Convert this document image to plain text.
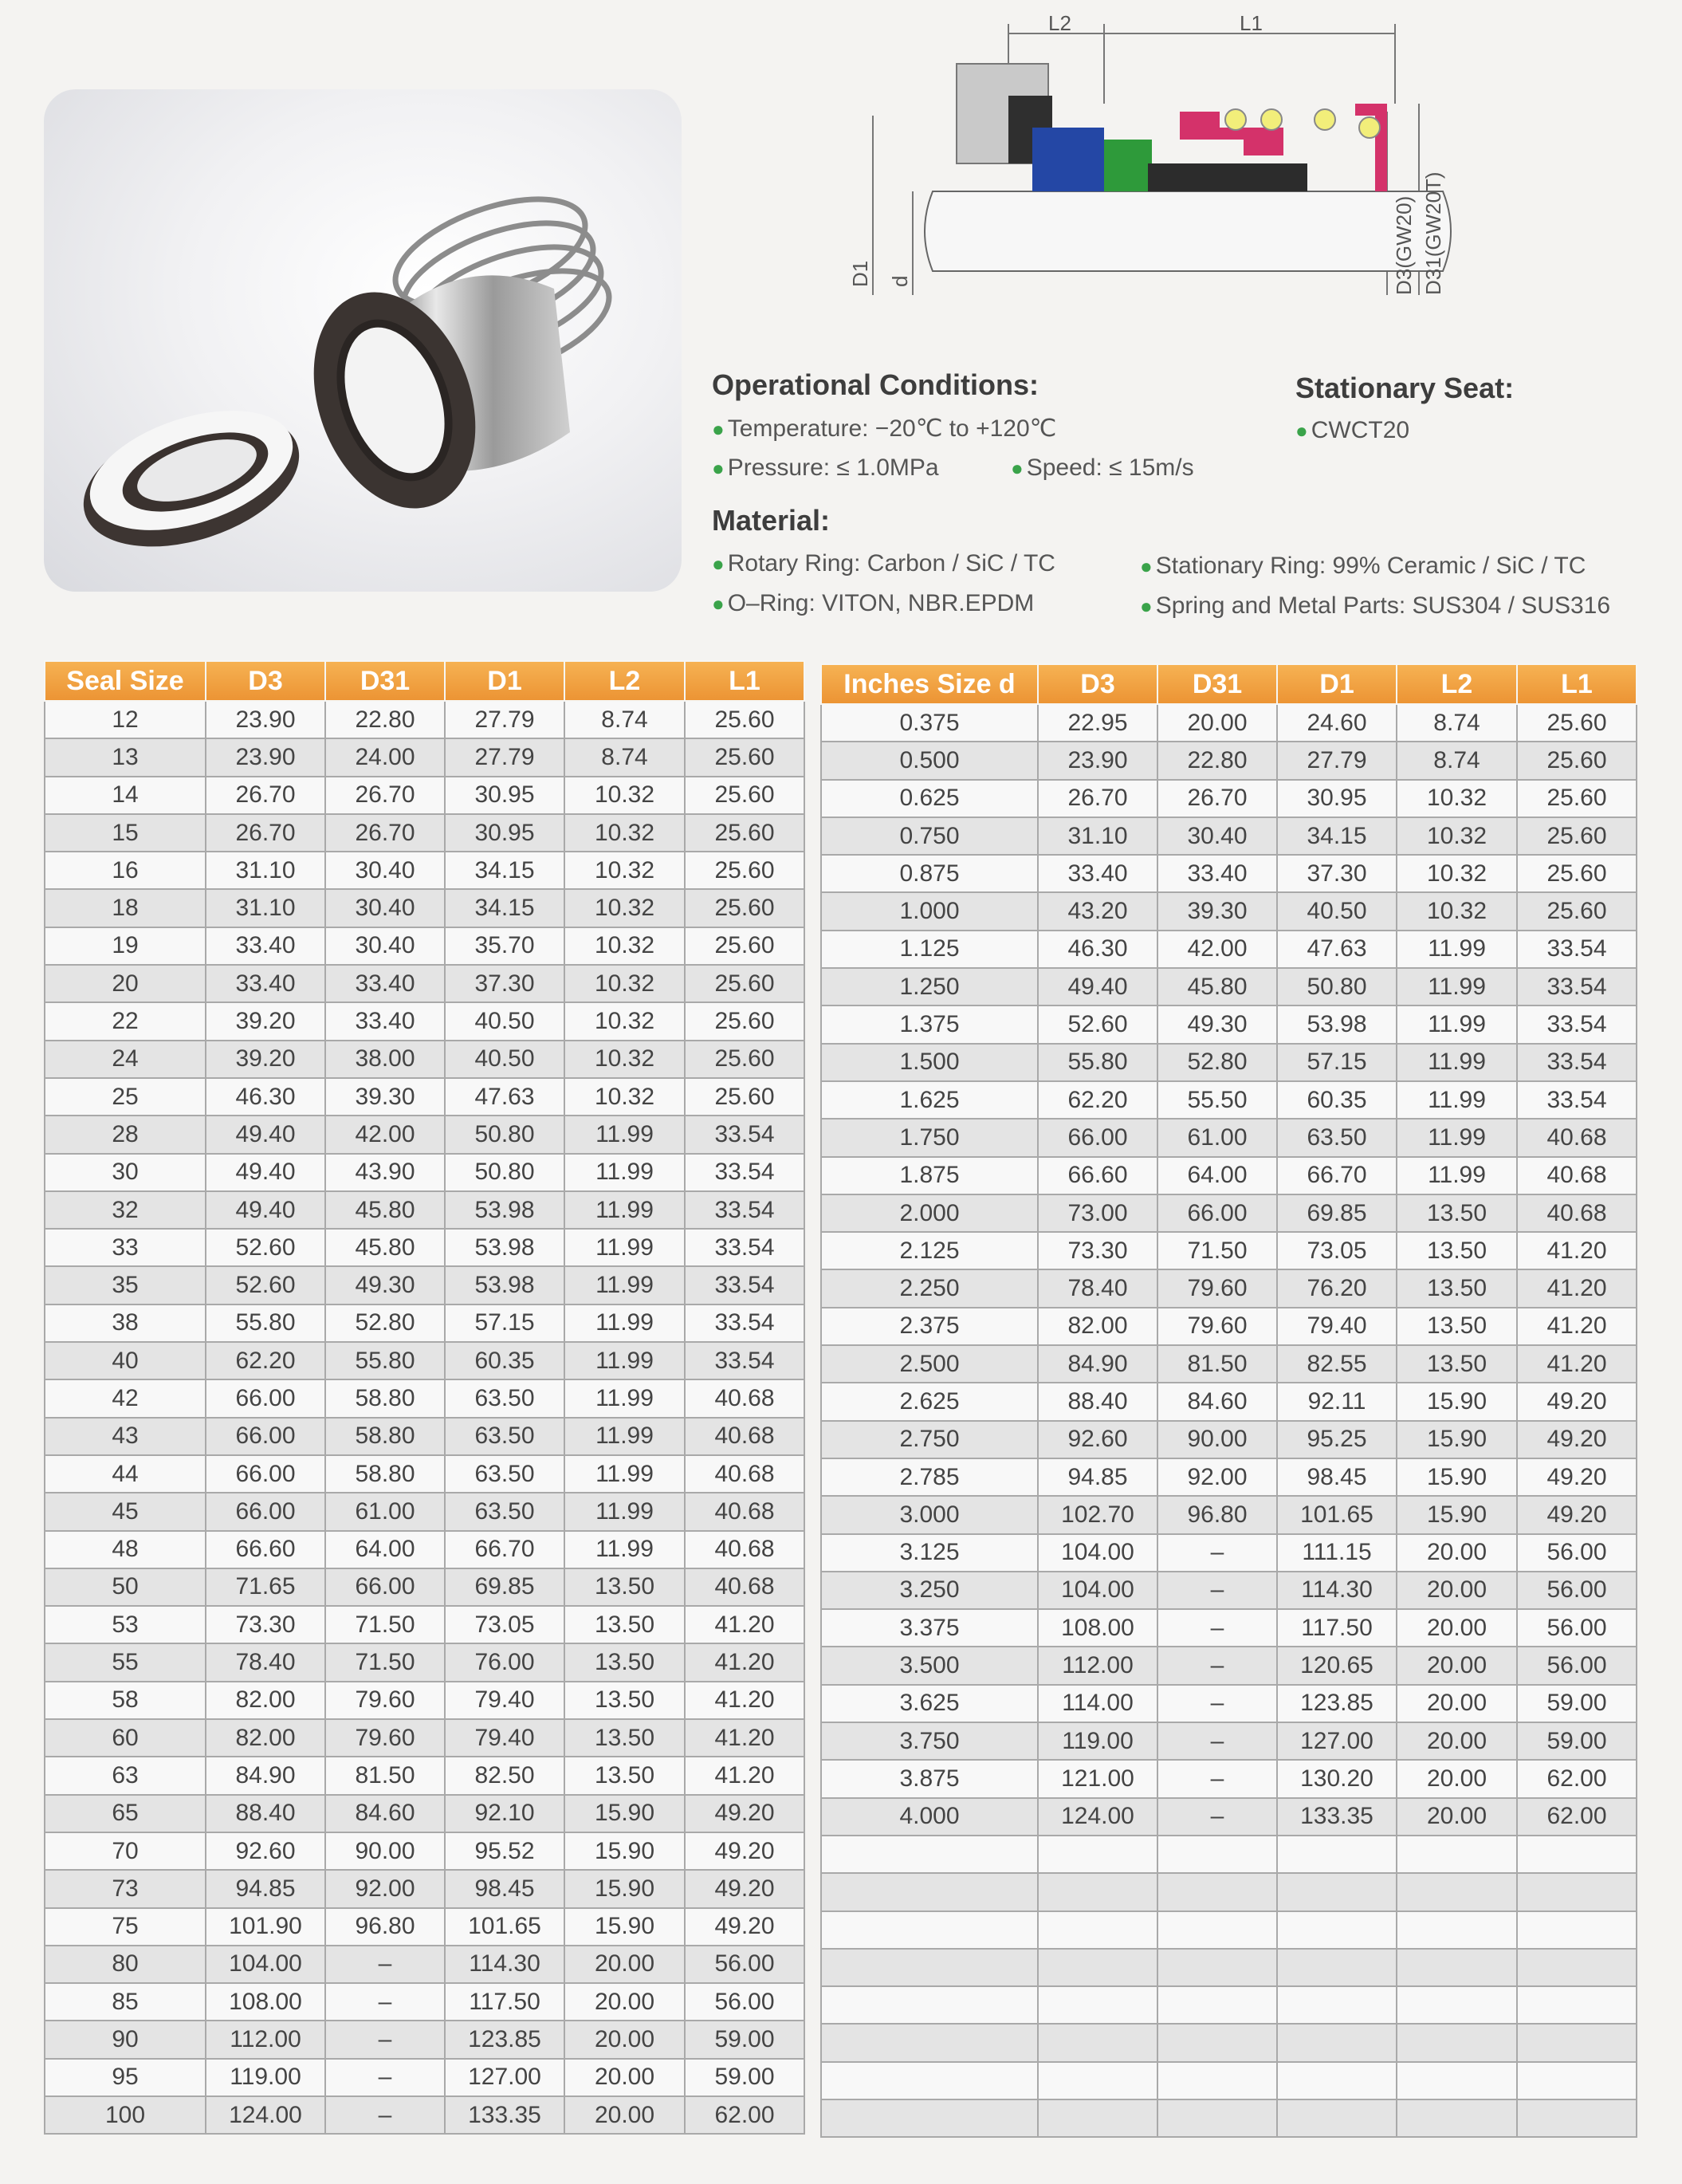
L2	L1
D1 d	D3(GW20) D31(GW20T)
Operational Conditions:
● Temperature: −20℃ to +120℃
● Pressure: ≤ 1.0MPa	● Speed: ≤ 15m/s
Stationary Seat:
● CWCT20
Material:
● Rotary Ring: Carbon / SiC / TC	● Stationary Ring: 99% Ceramic / SiC / TC
● O–Ring: VITON, NBR.EPDM	● Spring and Metal Parts: SUS304 / SUS316
Seal Size	D3	D31	D1	L2	L1
12	23.90	22.80	27.79	8.74	25.60
13	23.90	24.00	27.79	8.74	25.60
14	26.70	26.70	30.95	10.32	25.60
15	26.70	26.70	30.95	10.32	25.60
16	31.10	30.40	34.15	10.32	25.60
18	31.10	30.40	34.15	10.32	25.60
19	33.40	30.40	35.70	10.32	25.60
20	33.40	33.40	37.30	10.32	25.60
22	39.20	33.40	40.50	10.32	25.60
24	39.20	38.00	40.50	10.32	25.60
25	46.30	39.30	47.63	10.32	25.60
28	49.40	42.00	50.80	11.99	33.54
30	49.40	43.90	50.80	11.99	33.54
32	49.40	45.80	53.98	11.99	33.54
33	52.60	45.80	53.98	11.99	33.54
35	52.60	49.30	53.98	11.99	33.54
38	55.80	52.80	57.15	11.99	33.54
40	62.20	55.80	60.35	11.99	33.54
42	66.00	58.80	63.50	11.99	40.68
43	66.00	58.80	63.50	11.99	40.68
44	66.00	58.80	63.50	11.99	40.68
45	66.00	61.00	63.50	11.99	40.68
48	66.60	64.00	66.70	11.99	40.68
50	71.65	66.00	69.85	13.50	40.68
53	73.30	71.50	73.05	13.50	41.20
55	78.40	71.50	76.00	13.50	41.20
58	82.00	79.60	79.40	13.50	41.20
60	82.00	79.60	79.40	13.50	41.20
63	84.90	81.50	82.50	13.50	41.20
65	88.40	84.60	92.10	15.90	49.20
70	92.60	90.00	95.52	15.90	49.20
73	94.85	92.00	98.45	15.90	49.20
75	101.90	96.80	101.65	15.90	49.20
80	104.00	–	114.30	20.00	56.00
85	108.00	–	117.50	20.00	56.00
90	112.00	–	123.85	20.00	59.00
95	119.00	–	127.00	20.00	59.00
100	124.00	–	133.35	20.00	62.00
Inches Size d	D3	D31	D1	L2	L1
0.375	22.95	20.00	24.60	8.74	25.60
0.500	23.90	22.80	27.79	8.74	25.60
0.625	26.70	26.70	30.95	10.32	25.60
0.750	31.10	30.40	34.15	10.32	25.60
0.875	33.40	33.40	37.30	10.32	25.60
1.000	43.20	39.30	40.50	10.32	25.60
1.125	46.30	42.00	47.63	11.99	33.54
1.250	49.40	45.80	50.80	11.99	33.54
1.375	52.60	49.30	53.98	11.99	33.54
1.500	55.80	52.80	57.15	11.99	33.54
1.625	62.20	55.50	60.35	11.99	33.54
1.750	66.00	61.00	63.50	11.99	40.68
1.875	66.60	64.00	66.70	11.99	40.68
2.000	73.00	66.00	69.85	13.50	40.68
2.125	73.30	71.50	73.05	13.50	41.20
2.250	78.40	79.60	76.20	13.50	41.20
2.375	82.00	79.60	79.40	13.50	41.20
2.500	84.90	81.50	82.55	13.50	41.20
2.625	88.40	84.60	92.11	15.90	49.20
2.750	92.60	90.00	95.25	15.90	49.20
2.785	94.85	92.00	98.45	15.90	49.20
3.000	102.70	96.80	101.65	15.90	49.20
3.125	104.00	–	111.15	20.00	56.00
3.250	104.00	–	114.30	20.00	56.00
3.375	108.00	–	117.50	20.00	56.00
3.500	112.00	–	120.65	20.00	56.00
3.625	114.00	–	123.85	20.00	59.00
3.750	119.00	–	127.00	20.00	59.00
3.875	121.00	–	130.20	20.00	62.00
4.000	124.00	–	133.35	20.00	62.00
